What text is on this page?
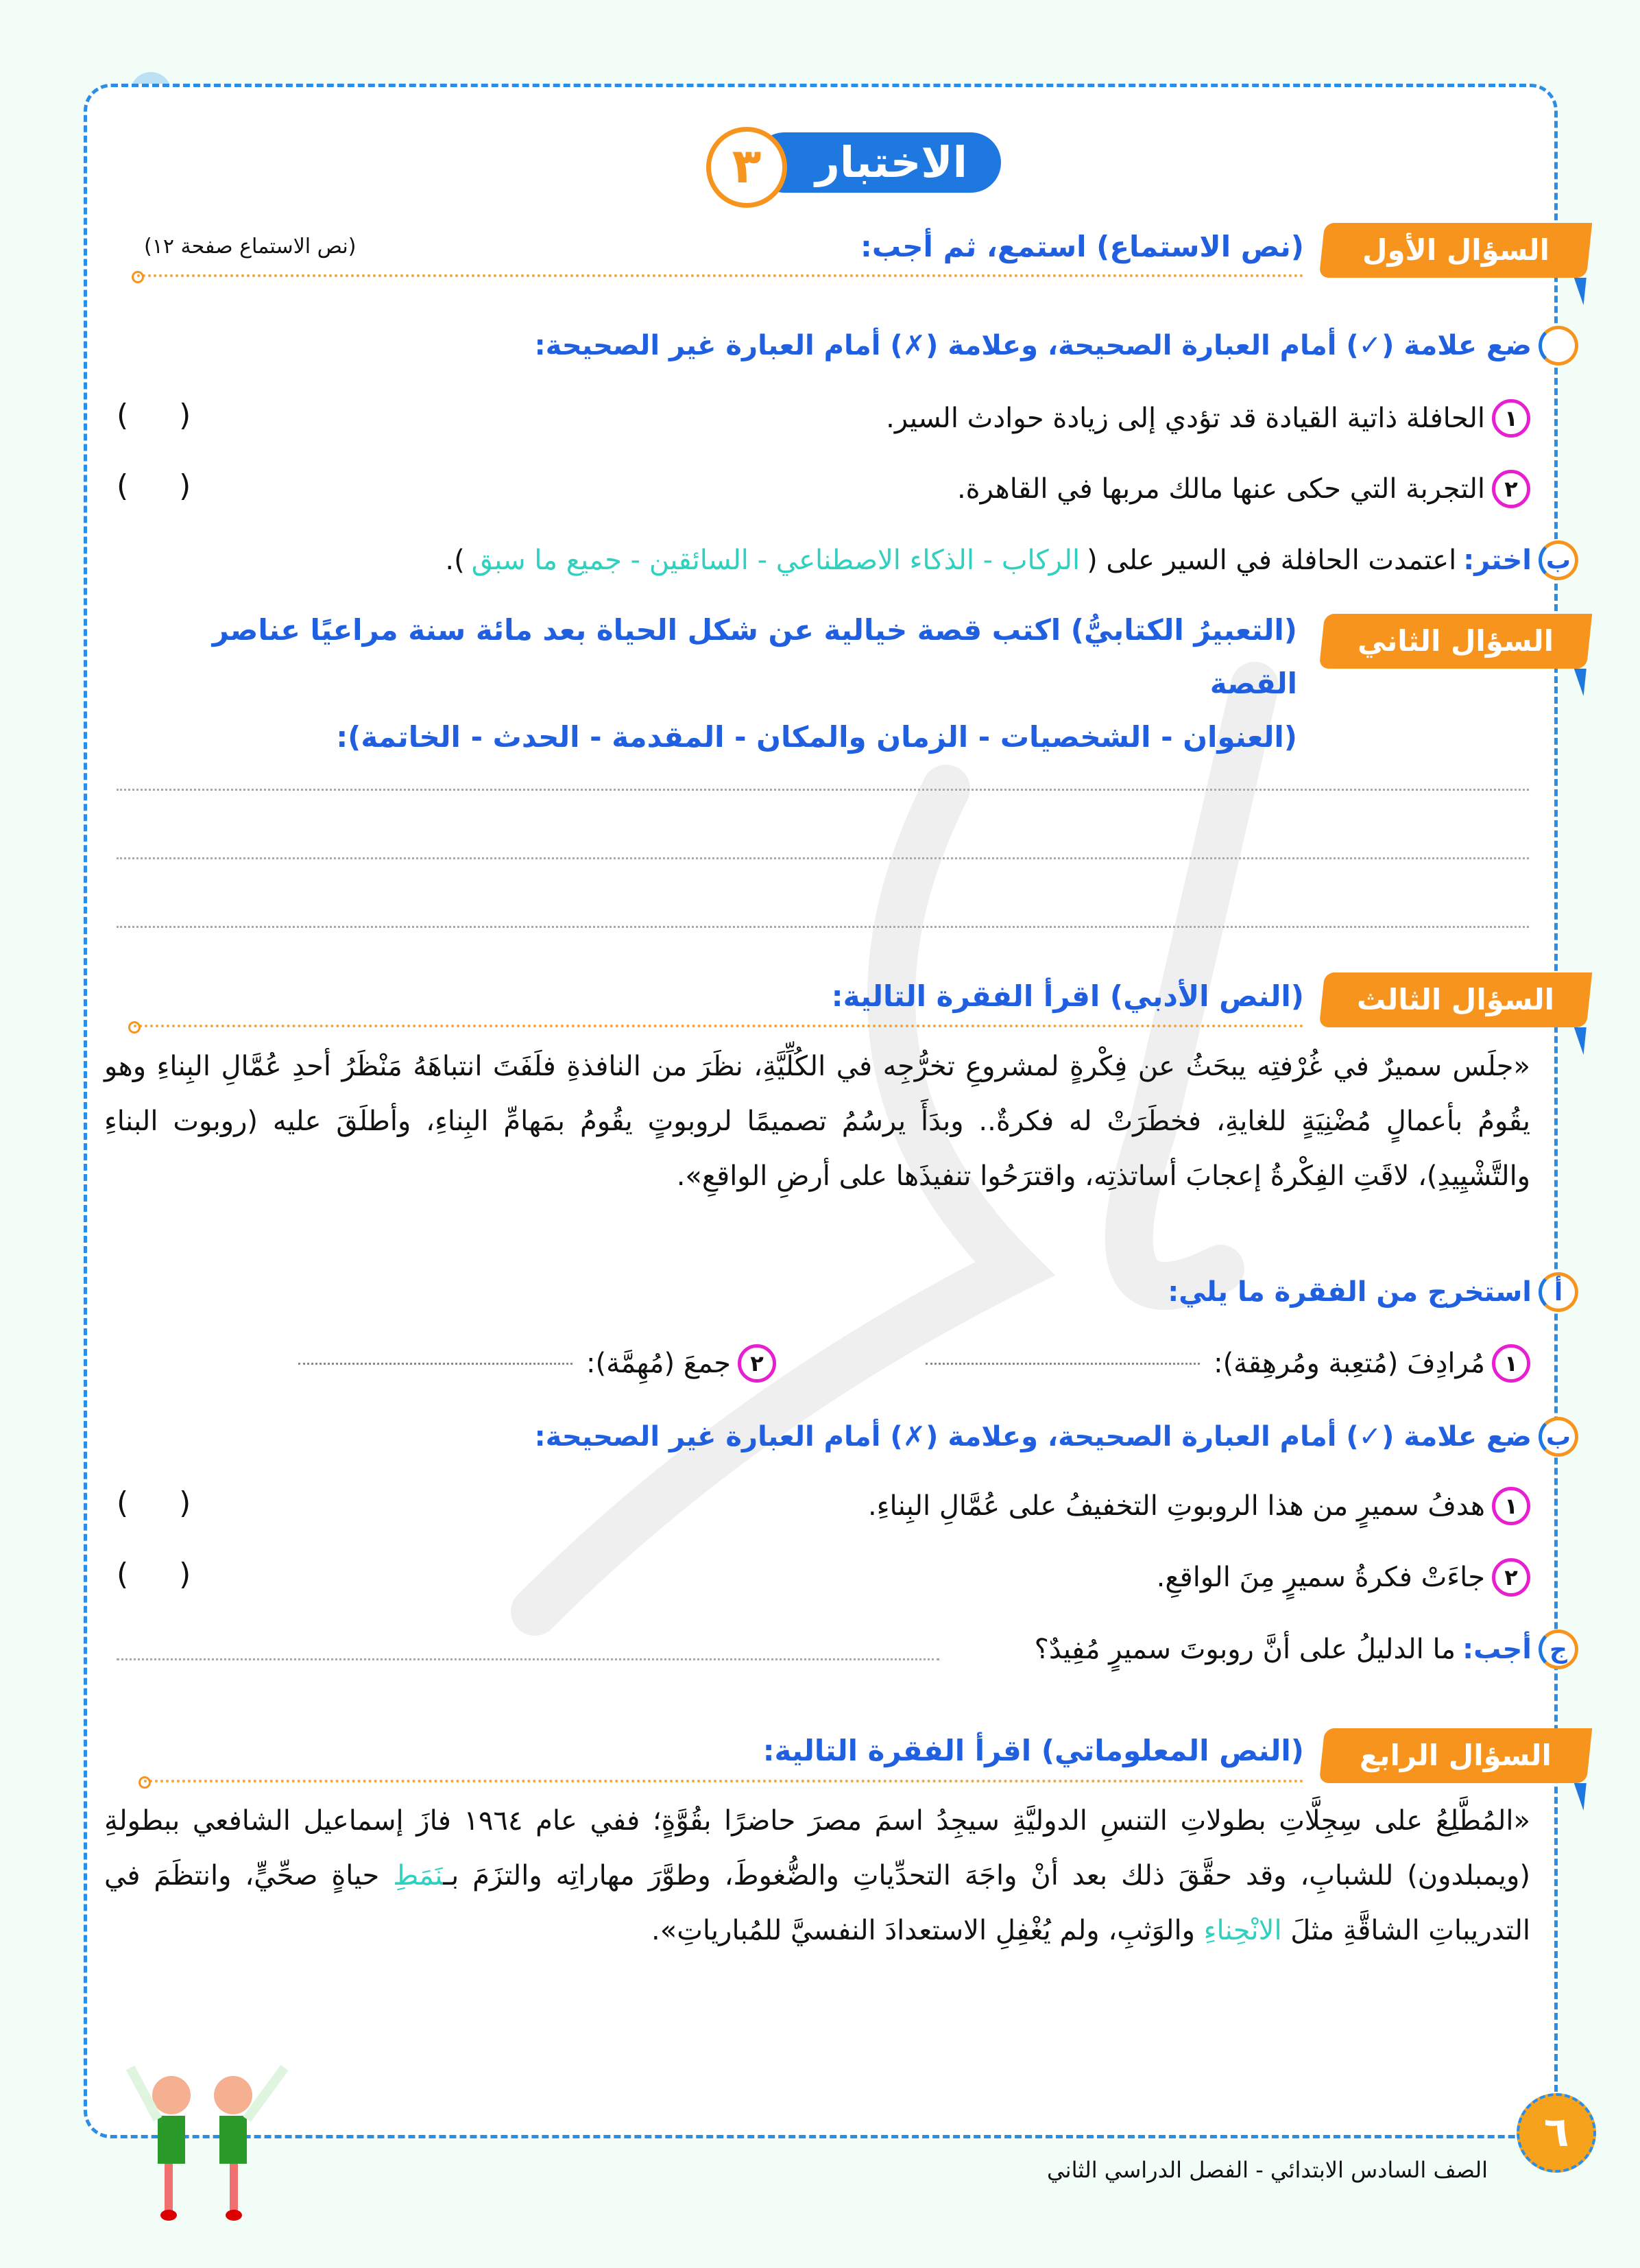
الاختبار
٣
السؤال الأول
(نص الاستماع) استمع، ثم أجب:
(نص الاستماع صفحة ١٢)
ضع علامة (✓) أمام العبارة الصحيحة، وعلامة (✗) أمام العبارة غير الصحيحة:
١
الحافلة ذاتية القيادة قد تؤدي إلى زيادة حوادث السير.
( )
٢
التجربة التي حكى عنها مالك مربها في القاهرة.
( )
ب
اختر:
اعتمدت الحافلة في السير على (
الركاب - الذكاء الاصطناعي - السائقين - جميع ما سبق
).
السؤال الثاني
(التعبيرُ الكتابيُّ) اكتب قصة خيالية عن شكل الحياة بعد مائة سنة مراعيًا عناصر القصة
(العنوان - الشخصيات - الزمان والمكان - المقدمة - الحدث - الخاتمة):
السؤال الثالث
(النص الأدبي) اقرأ الفقرة التالية:
«جلَس سميرٌ في غُرْفتِه يبحَثُ عن فِكْرةٍ لمشروعِ تخرُّجِه في الكُلِّيَّةِ، نظَرَ من النافذةِ فلَفَتَ انتباهَهُ مَنْظَرُ أحدِ عُمَّالِ البِناءِ وهو يقُومُ بأعمالٍ مُضْنِيَةٍ للغايةِ، فخطَرَتْ له فكرةٌ.. وبدَأَ يرسُمُ تصميمًا لروبوتٍ يقُومُ بمَهامِّ البِناءِ، وأطلَقَ عليه (روبوت البناءِ والتَّشْيِيدِ)، لاقَتِ الفِكْرةُ إعجابَ أساتذتِه، واقترَحُوا تنفيذَها على أرضِ الواقعِ».
أ
استخرج من الفقرة ما يلي:
١
مُرادِفَ (مُتعِبة ومُرهِقة):
٢
جمعَ (مُهِمَّة):
ب
ضع علامة (✓) أمام العبارة الصحيحة، وعلامة (✗) أمام العبارة غير الصحيحة:
١
هدفُ سميرٍ من هذا الروبوتِ التخفيفُ على عُمَّالِ البِناءِ.
( )
٢
جاءَتْ فكرةُ سميرٍ مِنَ الواقعِ.
( )
ج
أجب:
ما الدليلُ على أنَّ روبوتَ سميرٍ مُفِيدٌ؟
السؤال الرابع
(النص المعلوماتي) اقرأ الفقرة التالية:
«المُطَّلِعُ على سِجِلَّاتِ بطولاتِ التنسِ الدوليَّةِ سيجِدُ اسمَ مصرَ حاضرًا بقُوَّةٍ؛ ففي عام ١٩٦٤ فازَ إسماعيل الشافعي ببطولةِ (ويمبلدون) للشبابِ، وقد حقَّقَ ذلك بعد أنْ واجَهَ التحدِّياتِ والضُّغوطَ، وطوَّرَ مهاراتِه والتزَمَ بـنَمَطِ حياةٍ صحِّيٍّ، وانتظَمَ في التدريباتِ الشاقَّةِ مثلَ الانْحِناءِ والوَثبِ، ولم يُغْفِلِ الاستعدادَ النفسيَّ للمُبارياتِ».
٦
الصف السادس الابتدائي - الفصل الدراسي الثاني
